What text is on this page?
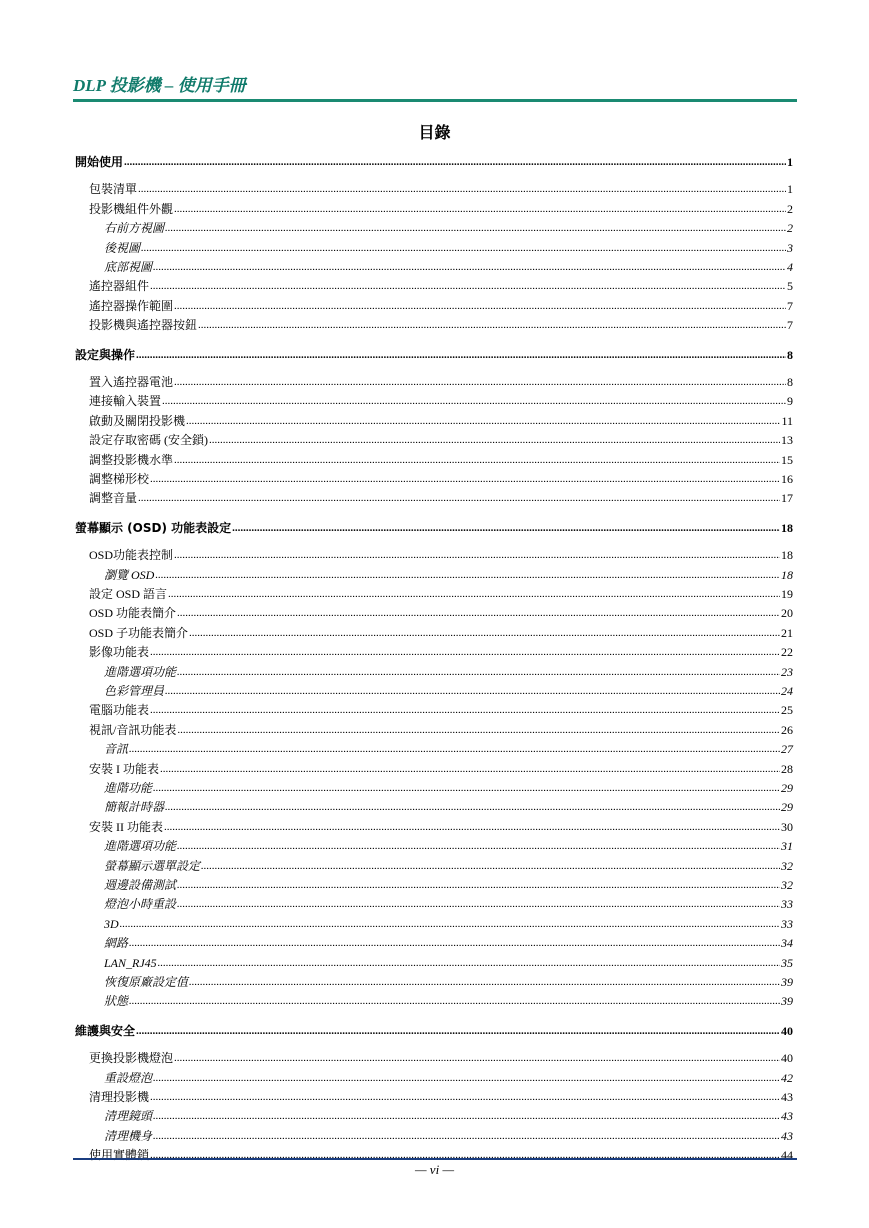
DLP 投影機 – 使用手冊
目錄
開始使用 .....	1
包裝清單 .....	1
投影機組件外觀 .....	2
右前方視圖 .....	2
後視圖 .....	3
底部視圖 .....	4
遙控器組件 .....	5
遙控器操作範圍 .....	7
投影機與遙控器按鈕 .....	7
設定與操作 .....	8
置入遙控器電池 .....	8
連接輸入裝置 .....	9
啟動及關閉投影機 .....	11
設定存取密碼 (安全鎖) .....	13
調整投影機水準 .....	15
調整梯形校 .....	16
調整音量 .....	17
螢幕顯示 (OSD) 功能表設定 .....	18
OSD功能表控制 .....	18
瀏覽 OSD .....	18
設定 OSD 語言 .....	19
OSD 功能表簡介 .....	20
OSD 子功能表簡介 .....	21
影像功能表 .....	22
進階選項功能 .....	23
色彩管理員 .....	24
電腦功能表 .....	25
視訊/音訊功能表 .....	26
音訊 .....	27
安裝 I 功能表 .....	28
進階功能 .....	29
簡報計時器 .....	29
安裝 II 功能表 .....	30
進階選項功能 .....	31
螢幕顯示選單設定 .....	32
週邊設備測試 .....	32
燈泡小時重設 .....	33
3D .....	33
網路 .....	34
LAN_RJ45 .....	35
恢復原廠設定值 .....	39
狀態 .....	39
維護與安全 .....	40
更換投影機燈泡 .....	40
重設燈泡 .....	42
清理投影機 .....	43
清理鏡頭 .....	43
清理機身 .....	43
使用實體鎖 .....	44
— vi —
